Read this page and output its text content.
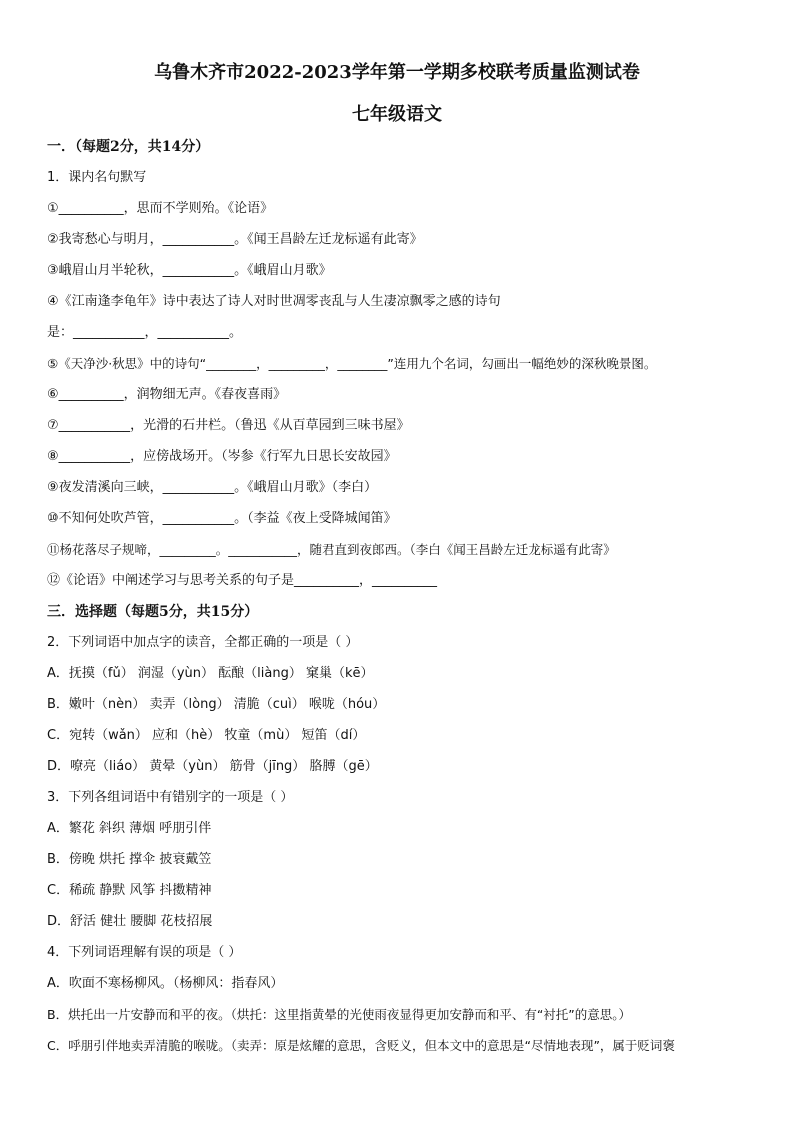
乌鲁木齐市2022-2023学年第一学期多校联考质量监测试卷
七年级语文
一．（每题2分，共14分）
1．课内名句默写
①__________，思而不学则殆。《论语》
②我寄愁心与明月，___________。《闻王昌龄左迁龙标遥有此寄》
③峨眉山月半轮秋，___________。《峨眉山月歌》
④《江南逢李龟年》诗中表达了诗人对时世凋零丧乱与人生凄凉飘零之感的诗句
是：___________，___________。
⑤《天净沙·秋思》中的诗句“________，_________，________”连用九个名词，勾画出一幅绝妙的深秋晚景图。
⑥__________，润物细无声。《春夜喜雨》
⑦___________，光滑的石井栏。（鲁迅《从百草园到三味书屋》
⑧___________，应傍战场开。（岑参《行军九日思长安故园》
⑨夜发清溪向三峡，___________。《峨眉山月歌》（李白）
⑩不知何处吹芦管，___________。（李益《夜上受降城闻笛》
⑪杨花落尽子规啼，_________。___________，随君直到夜郎西。（李白《闻王昌龄左迁龙标遥有此寄》
⑫《论语》中阐述学习与思考关系的句子是__________，__________
三．选择题（每题5分，共15分）
2．下列词语中加点字的读音，全都正确的一项是（ ）
A．抚摸（fǔ） 润湿（yùn） 酝酿（liàng） 窠巢（kē）
B．嫩叶（nèn） 卖弄（lòng） 清脆（cuì） 喉咙（hóu）
C．宛转（wǎn） 应和（hè） 牧童（mù） 短笛（dí）
D．嘹亮（liáo） 黄晕（yùn） 筋骨（jīng） 胳膊（gē）
3．下列各组词语中有错别字的一项是（ ）
A．繁花 斜织 薄烟 呼朋引伴
B．傍晚 烘托 撑伞 披衰戴笠
C．稀疏 静默 风筝 抖擞精神
D．舒活 健壮 腰脚 花枝招展
4．下列词语理解有误的项是（ ）
A．吹面不寒杨柳风。（杨柳风：指春风）
B．烘托出一片安静而和平的夜。（烘托：这里指黄晕的光使雨夜显得更加安静而和平、有“衬托”的意思。）
C．呼朋引伴地卖弄清脆的喉咙。（卖弄：原是炫耀的意思，含贬义，但本文中的意思是“尽情地表现”，属于贬词褒
